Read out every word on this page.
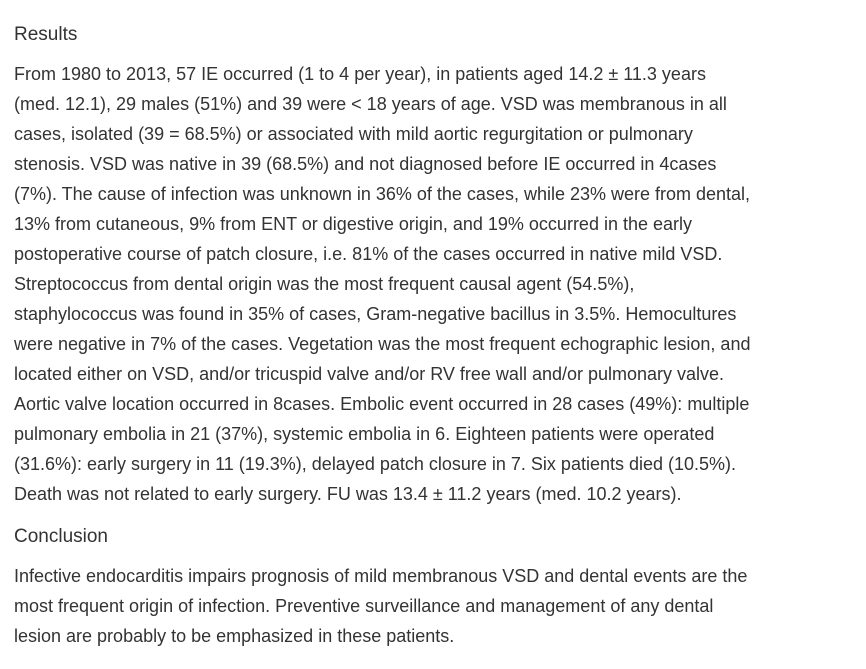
Results

From 1980 to 2013, 57 IE occurred (1 to 4 per year), in patients aged 14.2 ± 11.3 years
(med. 12.1), 29 males (51%) and 39 were < 18 years of age. VSD was membranous in all
cases, isolated (39 = 68.5%) or associated with mild aortic regurgitation or pulmonary
stenosis. VSD was native in 39 (68.5%) and not diagnosed before IE occurred in 4cases
(7%). The cause of infection was unknown in 36% of the cases, while 23% were from dental,
13% from cutaneous, 9% from ENT or digestive origin, and 19% occurred in the early
postoperative course of patch closure, i.e. 81% of the cases occurred in native mild VSD.
Streptococcus from dental origin was the most frequent causal agent (54.5%),
staphylococcus was found in 35% of cases, Gram-negative bacillus in 3.5%. Hemocultures
were negative in 7% of the cases. Vegetation was the most frequent echographic lesion, and
located either on VSD, and/or tricuspid valve and/or RV free wall and/or pulmonary valve.
Aortic valve location occurred in 8cases. Embolic event occurred in 28 cases (49%): multiple
pulmonary embolia in 21 (37%), systemic embolia in 6. Eighteen patients were operated
(31.6%): early surgery in 11 (19.3%), delayed patch closure in 7. Six patients died (10.5%).
Death was not related to early surgery. FU was 13.4 ± 11.2 years (med. 10.2 years).

Conclusion

Infective endocarditis impairs prognosis of mild membranous VSD and dental events are the
most frequent origin of infection. Preventive surveillance and management of any dental
lesion are probably to be emphasized in these patients.
